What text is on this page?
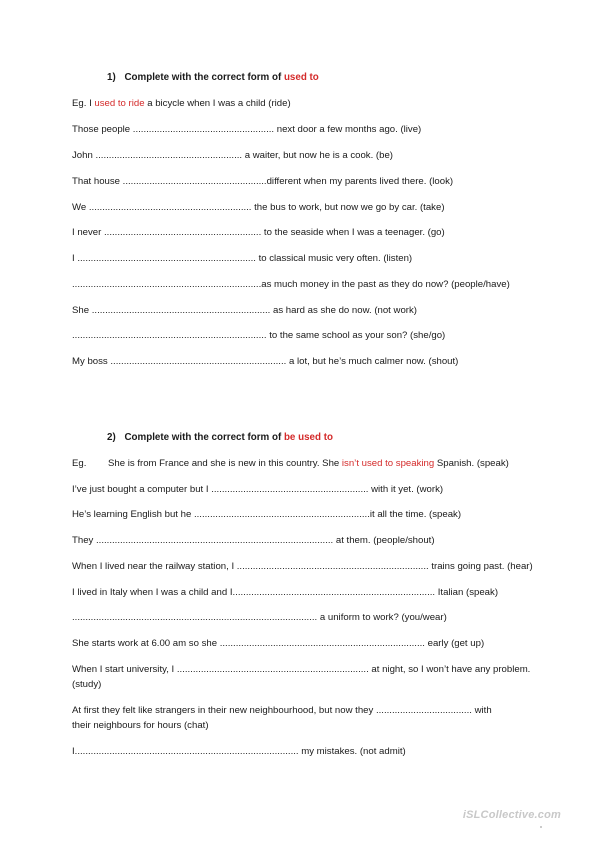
1) Complete with the correct form of used to
Eg. I used to ride a bicycle when I was a child (ride)
Those people ..................................................... next door a few months ago. (live)
John ....................................................... a waiter, but now he is a cook. (be)
That house ......................................................different when my parents lived there. (look)
We ............................................................. the bus to work, but now we go by car. (take)
I never ........................................................... to the seaside when I was a teenager. (go)
I ................................................................... to classical music very often. (listen)
.......................................................................as much money in the past as they do now? (people/have)
She ................................................................... as hard as she do now. (not work)
......................................................................... to the same school as your son? (she/go)
My boss .................................................................. a lot, but he’s much calmer now. (shout)
2) Complete with the correct form of be used to
Eg. She is from France and she is new in this country. She isn’t used to speaking Spanish. (speak)
I’ve just bought a computer but I ........................................................... with it yet. (work)
He’s learning English but he ..................................................................it all the time. (speak)
They ......................................................................................... at them. (people/shout)
When I lived near the railway station, I ........................................................................ trains going past. (hear)
I lived in Italy when I was a child and I............................................................................ Italian (speak)
............................................................................................ a uniform to work? (you/wear)
She starts work at 6.00 am so she ............................................................................. early (get up)
When I start university, I ........................................................................ at night, so I won’t have any problem.
(study)
At first they felt like strangers in their new neighbourhood, but now they .................................... with
their neighbours for hours (chat)
I.................................................................................... my mistakes. (not admit)
iSLCollective.com
